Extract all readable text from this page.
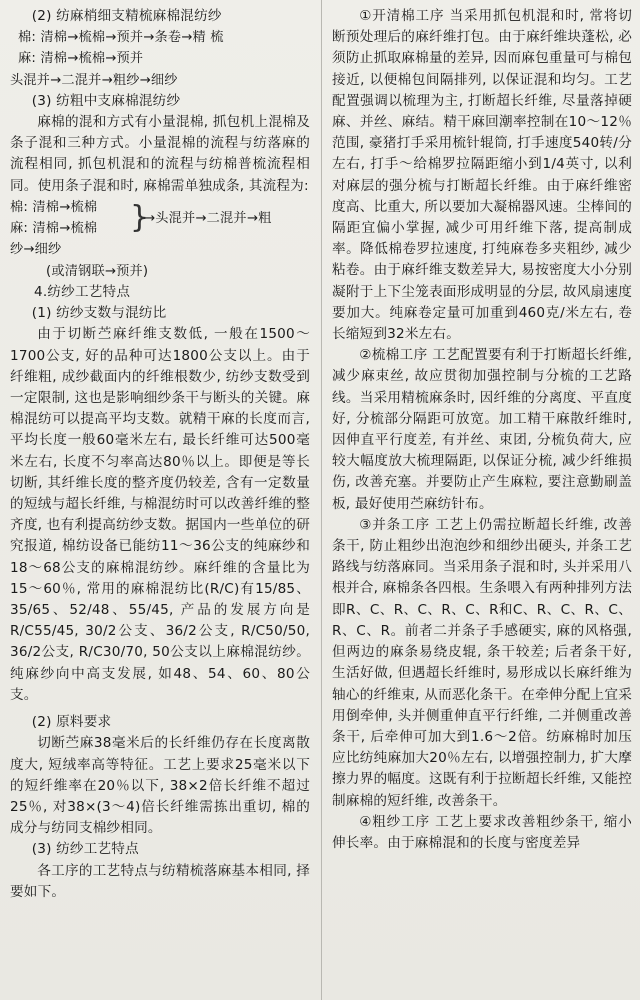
(2) 纺麻梢细支精梳麻棉混纺纱

棉: 清棉→梳棉→预并→条卷→精 梳

麻: 清棉→梳棉→预并

头混并→二混并→粗纱→细纱

(3) 纺粗中支麻棉混纺纱

麻棉的混和方式有小量混棉, 抓包机上混棉及条子混和三种方式。小量混棉的流程与纺落麻的流程相同, 抓包机混和的流程与纺棉普梳流程相同。使用条子混和时, 麻棉需单独成条, 其流程为:

棉: 清棉→梳棉

麻: 清棉→梳棉 }

→头混并→二混并→粗

纱→细纱

(或清钢联→预并)

4.纺纱工艺特点

(1) 纺纱支数与混纺比

由于切断苎麻纤维支数低, 一般在1500～1700公支, 好的品种可达1800公支以上。由于纤维粗, 成纱截面内的纤维根数少, 纺纱支数受到一定限制, 这也是影响细纱条干与断头的关键。麻棉混纺可以提高平均支数。就精干麻的长度而言, 平均长度一般60毫米左右, 最长纤维可达500毫米左右, 长度不匀率高达80％以上。即便是等长切断, 其纤维长度的整齐度仍较差, 含有一定数量的短绒与超长纤维, 与棉混纺时可以改善纤维的整齐度, 也有利提高纺纱支数。据国内一些单位的研究报道, 棉纺设备已能纺11～36公支的纯麻纱和18～68公支的麻棉混纺纱。麻纤维的含量比为15～60％, 常用的麻棉混纺比(R/C)有15/85、35/65、52/48、55/45, 产品的发展方向是R/C55/45, 30/2公支、36/2公支, R/C50/50, 36/2公支, R/C30/70, 50公支以上麻棉混纺纱。纯麻纱向中高支发展, 如48、54、60、80公支。

(2) 原料要求

切断苎麻38毫米后的长纤维仍存在长度离散度大, 短绒率高等特征。工艺上要求25毫米以下的短纤维率在20％以下, 38×2倍长纤维不超过25％, 对38×(3～4)倍长纤维需拣出重切, 棉的成分与纺同支棉纱相同。

(3) 纺纱工艺特点

各工序的工艺特点与纺精梳落麻基本相同, 择要如下。

①开清棉工序 当采用抓包机混和时, 常将切断预处理后的麻纤维打包。由于麻纤维块蓬松, 必须防止抓取麻棉量的差异, 因而麻包重量可与棉包接近, 以便棉包间隔排列, 以保证混和均匀。工艺配置强调以梳理为主, 打断超长纤维, 尽量落掉硬麻、并丝、麻结。精干麻回潮率控制在10～12％范围, 豪猪打手采用梳针辊筒, 打手速度540转/分左右, 打手～给棉罗拉隔距缩小到1/4英寸, 以利对麻层的强分梳与打断超长纤维。由于麻纤维密度高、比重大, 所以要加大凝棉器风速。尘棒间的隔距宜偏小掌握, 减少可用纤维下落, 提高制成率。降低棉卷罗拉速度, 打纯麻卷多夹粗纱, 减少粘卷。由于麻纤维支数差异大, 易按密度大小分别凝附于上下尘笼表面形成明显的分层, 故风扇速度要加大。纯麻卷定量可加重到460克/米左右, 卷长缩短到32米左右。

②梳棉工序 工艺配置要有利于打断超长纤维, 减少麻束丝, 故应贯彻加强控制与分梳的工艺路线。当采用精梳麻条时, 因纤维的分离度、平直度好, 分梳部分隔距可放宽。加工精干麻散纤维时, 因伸直平行度差, 有并丝、束团, 分梳负荷大, 应较大幅度放大梳理隔距, 以保证分梳, 减少纤维损伤, 改善充塞。并要防止产生麻粒, 要注意勤刷盖板, 最好使用苎麻纺针布。

③并条工序 工艺上仍需拉断超长纤维, 改善条干, 防止粗纱出泡泡纱和细纱出硬头, 并条工艺路线与纺落麻同。当采用条子混和时, 头并采用八根并合, 麻棉条各四根。生条喂入有两种排列方法即R、C、R、C、R、C、R和C、R、C、R、C、R、C、R。前者二并条子手感硬实, 麻的风格强, 但两边的麻条易绕皮辊, 条干较差; 后者条干好, 生活好做, 但遇超长纤维时, 易形成以长麻纤维为轴心的纤维束, 从而恶化条干。在牵伸分配上宜采用倒牵伸, 头并侧重伸直平行纤维, 二并侧重改善条干, 后牵伸可加大到1.6～2倍。纺麻棉时加压应比纺纯麻加大20％左右, 以增强控制力, 扩大摩擦力界的幅度。这既有利于拉断超长纤维, 又能控制麻棉的短纤维, 改善条干。

④粗纱工序 工艺上要求改善粗纱条干, 缩小伸长率。由于麻棉混和的长度与密度差异
